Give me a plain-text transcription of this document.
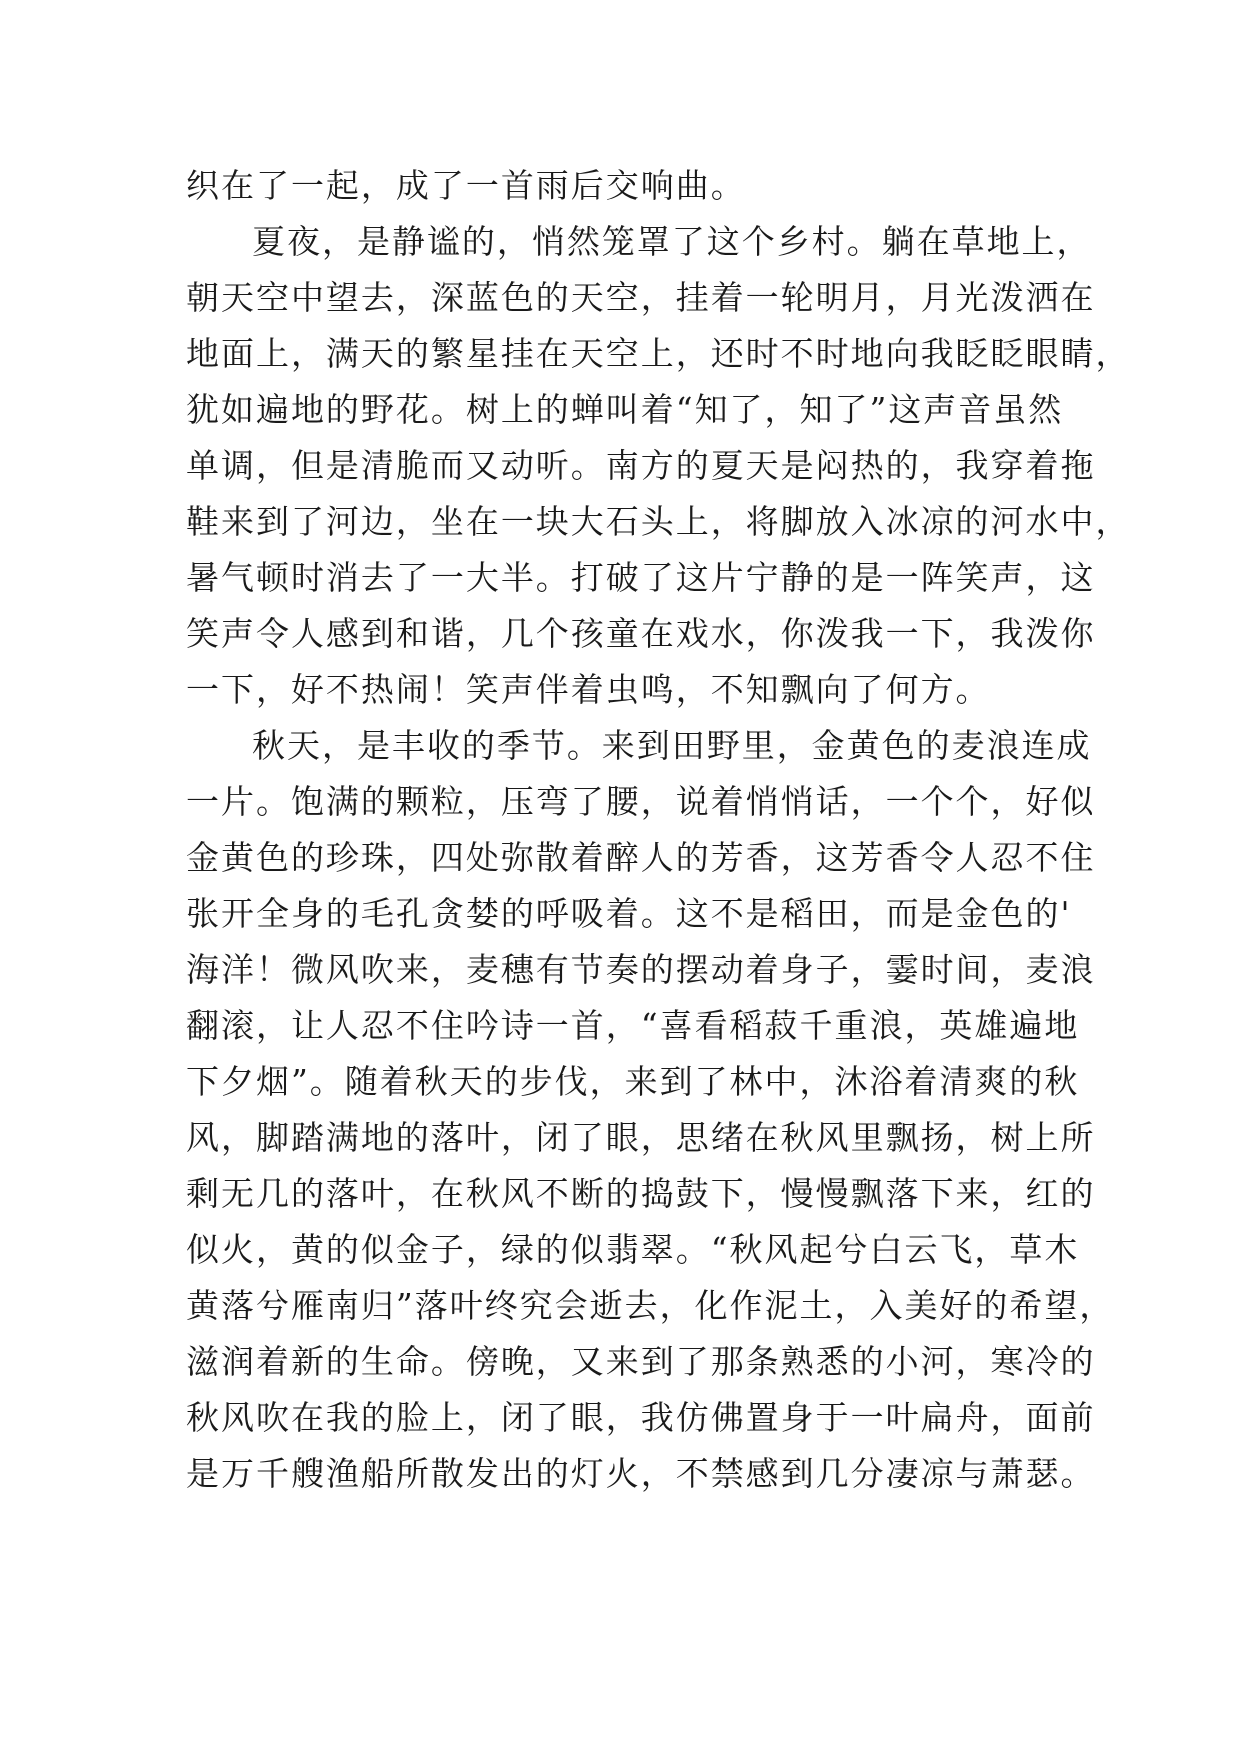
织在了一起，成了一首雨后交响曲。
夏夜，是静谧的，悄然笼罩了这个乡村。躺在草地上，
朝天空中望去，深蓝色的天空，挂着一轮明月，月光泼洒在
地面上，满天的繁星挂在天空上，还时不时地向我眨眨眼睛，
犹如遍地的野花。树上的蝉叫着“知了，知了”这声音虽然
单调，但是清脆而又动听。南方的夏天是闷热的，我穿着拖
鞋来到了河边，坐在一块大石头上，将脚放入冰凉的河水中，
暑气顿时消去了一大半。打破了这片宁静的是一阵笑声，这
笑声令人感到和谐，几个孩童在戏水，你泼我一下，我泼你
一下，好不热闹！笑声伴着虫鸣，不知飘向了何方。
秋天，是丰收的季节。来到田野里，金黄色的麦浪连成
一片。饱满的颗粒，压弯了腰，说着悄悄话，一个个，好似
金黄色的珍珠，四处弥散着醉人的芳香，这芳香令人忍不住
张开全身的毛孔贪婪的呼吸着。这不是稻田，而是金色的'
海洋！微风吹来，麦穗有节奏的摆动着身子，霎时间，麦浪
翻滚，让人忍不住吟诗一首，“喜看稻菽千重浪，英雄遍地
下夕烟”。随着秋天的步伐，来到了林中，沐浴着清爽的秋
风，脚踏满地的落叶，闭了眼，思绪在秋风里飘扬，树上所
剩无几的落叶，在秋风不断的捣鼓下，慢慢飘落下来，红的
似火，黄的似金子，绿的似翡翠。“秋风起兮白云飞，草木
黄落兮雁南归”落叶终究会逝去，化作泥土，入美好的希望，
滋润着新的生命。傍晚，又来到了那条熟悉的小河，寒冷的
秋风吹在我的脸上，闭了眼，我仿佛置身于一叶扁舟，面前
是万千艘渔船所散发出的灯火，不禁感到几分凄凉与萧瑟。
